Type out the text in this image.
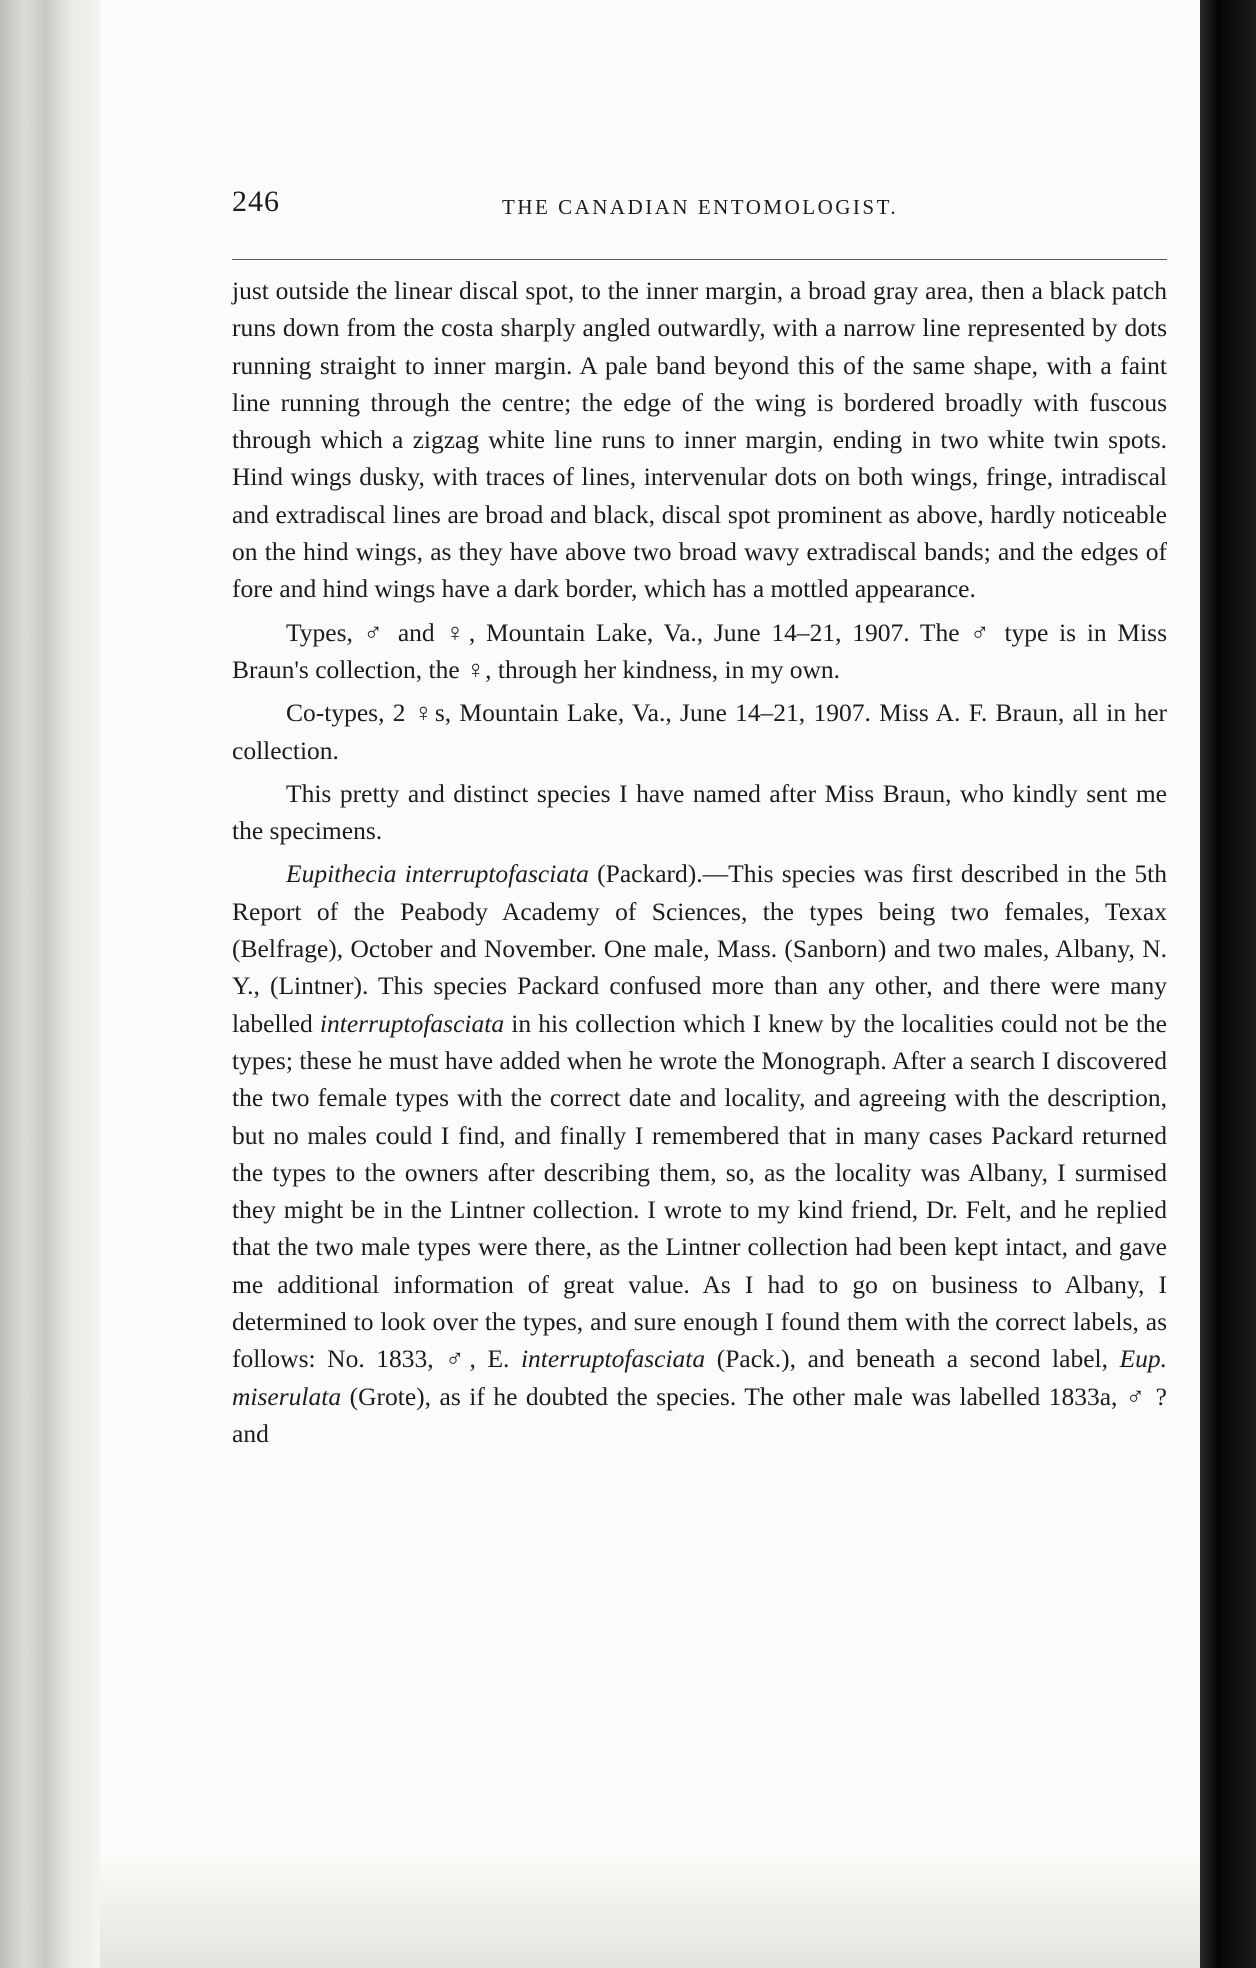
246	THE CANADIAN ENTOMOLOGIST.

just outside the linear discal spot, to the inner margin, a broad gray area, then a black patch runs down from the costa sharply angled outwardly, with a narrow line represented by dots running straight to inner margin. A pale band beyond this of the same shape, with a faint line running through the centre; the edge of the wing is bordered broadly with fuscous through which a zigzag white line runs to inner margin, ending in two white twin spots. Hind wings dusky, with traces of lines, intervenular dots on both wings, fringe, intradiscal and extradiscal lines are broad and black, discal spot prominent as above, hardly noticeable on the hind wings, as they have above two broad wavy extradiscal bands; and the edges of fore and hind wings have a dark border, which has a mottled appearance.

Types, ♂ and ♀, Mountain Lake, Va., June 14–21, 1907. The ♂ type is in Miss Braun's collection, the ♀, through her kindness, in my own.

Co-types, 2 ♀s, Mountain Lake, Va., June 14–21, 1907. Miss A. F. Braun, all in her collection.

This pretty and distinct species I have named after Miss Braun, who kindly sent me the specimens.

Eupithecia interruptofasciata (Packard).—This species was first described in the 5th Report of the Peabody Academy of Sciences, the types being two females, Texax (Belfrage), October and November. One male, Mass. (Sanborn) and two males, Albany, N. Y., (Lintner). This species Packard confused more than any other, and there were many labelled interruptofasciata in his collection which I knew by the localities could not be the types; these he must have added when he wrote the Monograph. After a search I discovered the two female types with the correct date and locality, and agreeing with the description, but no males could I find, and finally I remembered that in many cases Packard returned the types to the owners after describing them, so, as the locality was Albany, I surmised they might be in the Lintner collection. I wrote to my kind friend, Dr. Felt, and he replied that the two male types were there, as the Lintner collection had been kept intact, and gave me additional information of great value. As I had to go on business to Albany, I determined to look over the types, and sure enough I found them with the correct labels, as follows: No. 1833, ♂, E. interruptofasciata (Pack.), and beneath a second label, Eup. miserulata (Grote), as if he doubted the species. The other male was labelled 1833a, ♂ ? and
